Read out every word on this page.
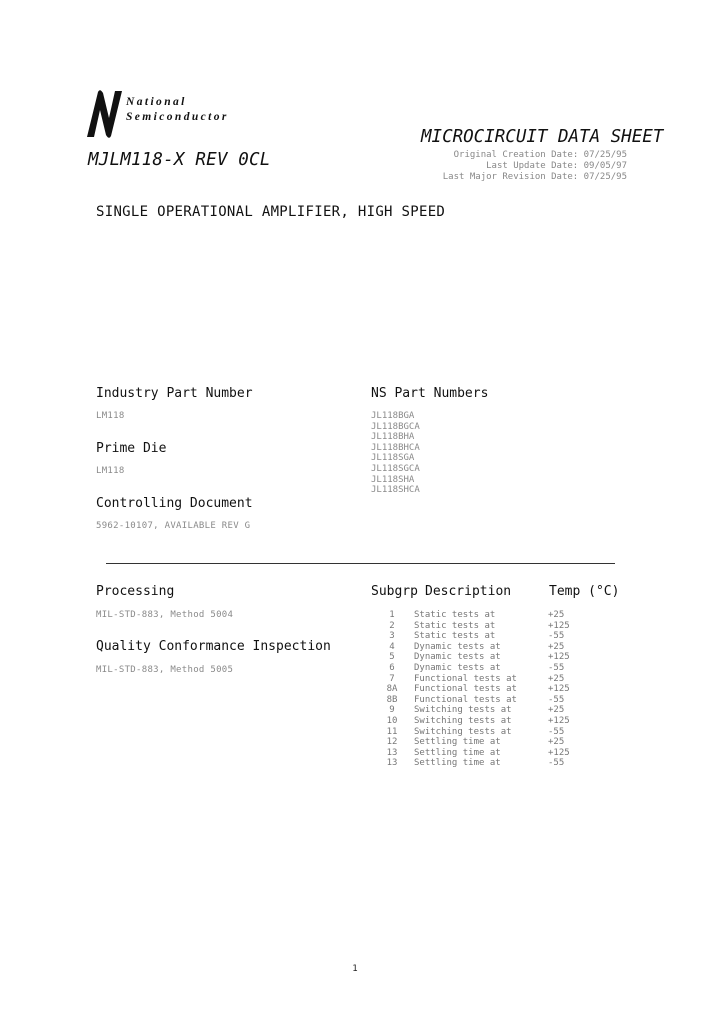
National
Semiconductor
MJLM118-X REV 0CL
MICROCIRCUIT DATA SHEET
Original Creation Date: 07/25/95
Last Update Date: 09/05/97
Last Major Revision Date: 07/25/95
SINGLE OPERATIONAL AMPLIFIER, HIGH SPEED
Industry Part Number
LM118
Prime Die
LM118
Controlling Document
5962-10107, AVAILABLE REV G
NS Part Numbers
JL118BGA
JL118BGCA
JL118BHA
JL118BHCA
JL118SGA
JL118SGCA
JL118SHA
JL118SHCA
Processing
MIL-STD-883, Method 5004
Quality Conformance Inspection
MIL-STD-883, Method 5005
Subgrp Description	Temp (°C)
1	Static tests at	+25
2	Static tests at	+125
3	Static tests at	-55
4	Dynamic tests at	+25
5	Dynamic tests at	+125
6	Dynamic tests at	-55
7	Functional tests at	+25
8A	Functional tests at	+125
8B	Functional tests at	-55
9	Switching tests at	+25
10	Switching tests at	+125
11	Switching tests at	-55
12	Settling time at	+25
13	Settling time at	+125
13	Settling time at	-55
1
